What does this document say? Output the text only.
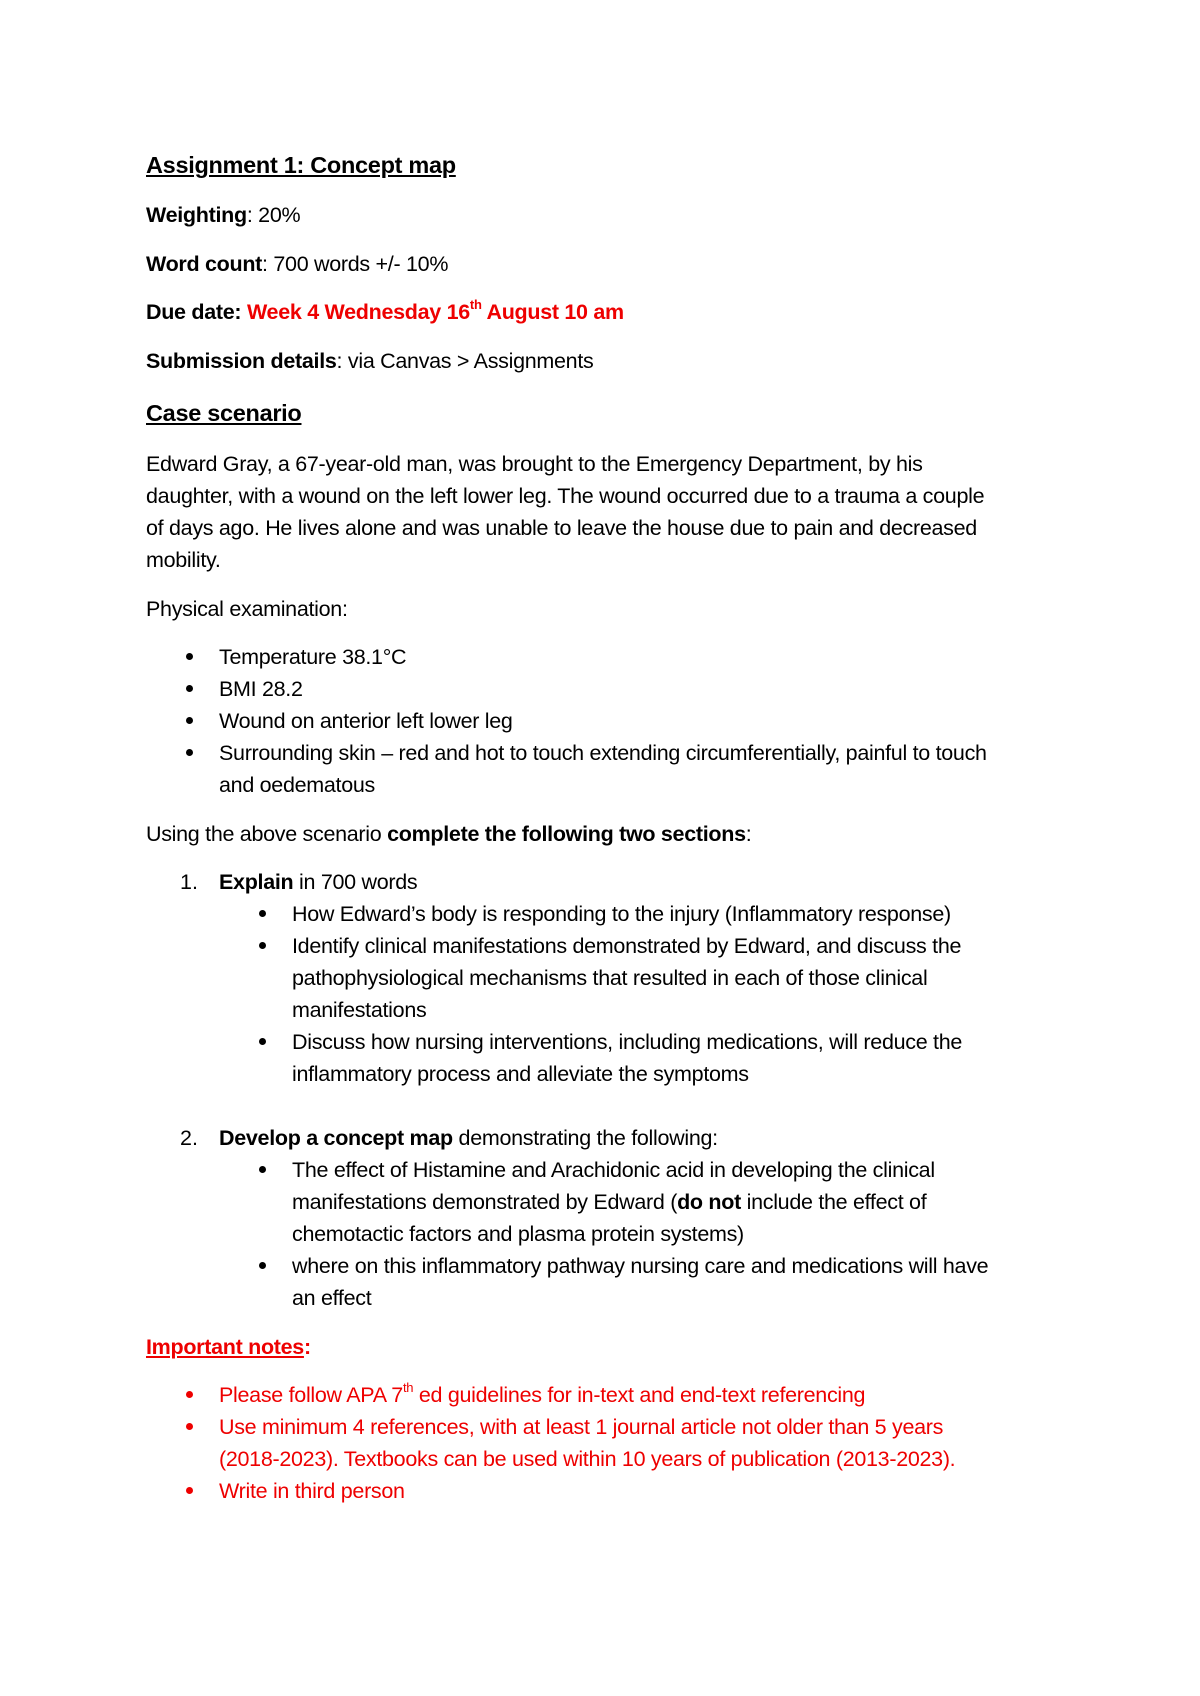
Assignment 1: Concept map
Weighting: 20%
Word count: 700 words +/- 10%
Due date: Week 4 Wednesday 16th August 10 am
Submission details: via Canvas > Assignments
Case scenario
Edward Gray, a 67-year-old man, was brought to the Emergency Department, by his
daughter, with a wound on the left lower leg. The wound occurred due to a trauma a couple
of days ago. He lives alone and was unable to leave the house due to pain and decreased
mobility.
Physical examination:
Temperature 38.1°C
BMI 28.2
Wound on anterior left lower leg
Surrounding skin – red and hot to touch extending circumferentially, painful to touch
and oedematous
Using the above scenario complete the following two sections:
1. Explain in 700 words
How Edward’s body is responding to the injury (Inflammatory response)
Identify clinical manifestations demonstrated by Edward, and discuss the
pathophysiological mechanisms that resulted in each of those clinical
manifestations
Discuss how nursing interventions, including medications, will reduce the
inflammatory process and alleviate the symptoms
2. Develop a concept map demonstrating the following:
The effect of Histamine and Arachidonic acid in developing the clinical
manifestations demonstrated by Edward (do not include the effect of
chemotactic factors and plasma protein systems)
where on this inflammatory pathway nursing care and medications will have
an effect
Important notes:
Please follow APA 7th ed guidelines for in-text and end-text referencing
Use minimum 4 references, with at least 1 journal article not older than 5 years
(2018-2023). Textbooks can be used within 10 years of publication (2013-2023).
Write in third person
